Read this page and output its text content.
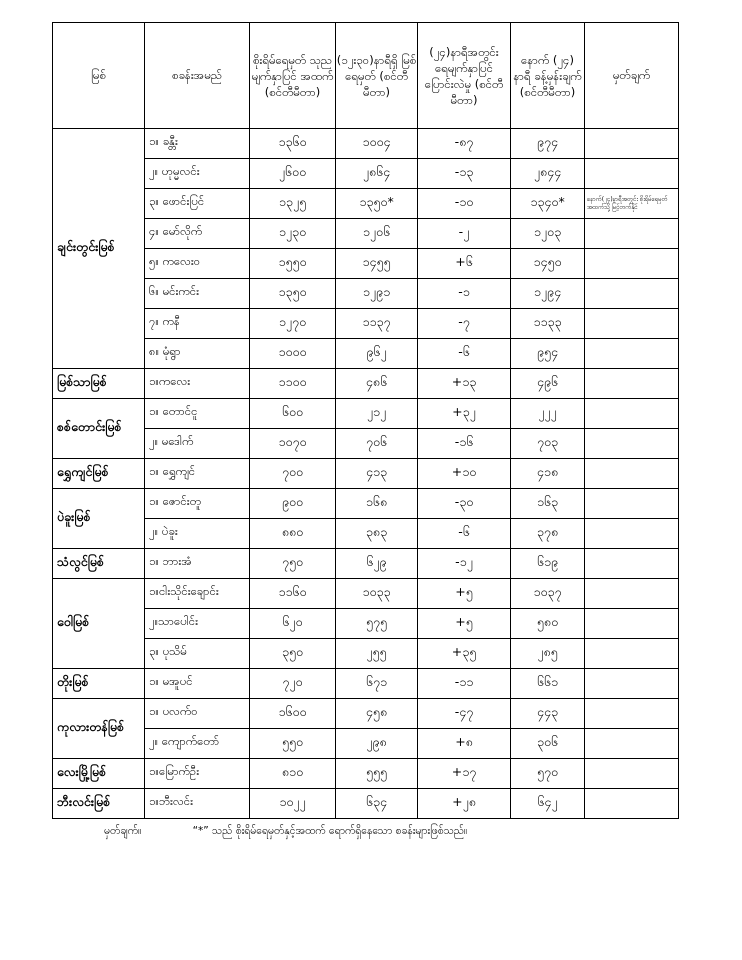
မြစ်	စခန်းအမည်	စိုးရိမ်ရေမှတ် သုညမျက်နှာပြင် အထက် (စင်တီမီတာ)	(၁၂း၃၀)နာရီရှိ မြစ်ရေမှတ် (စင်တီမီတာ)	(၂၄)နာရီအတွင်း ရေမျက်နှာပြင် ပြောင်းလဲမှု (စင်တီမီတာ)	နောက် (၂၄) နာရီ ခန့်မှန်းချက် (စင်တီမီတာ)	မှတ်ချက်
ချင်းတွင်းမြစ်	၁။ ခန္တီး	၁၃၆၀	၁၀၀၄	-၈၇	၉၇၄	
	၂။ ဟုမ္မလင်း	၂၆၀၀	၂၈၆၄	-၁၃	၂၈၄၄	
	၃။ ဖောင်းပြင်	၁၃၂၅	၁၃၅၀*	-၁၀	၁၃၄၀*	နောက်(၂၄)နာရီအတွင်း စိုးရိမ်ရေမှတ် အထက်သို့ မြင့်တက်နိုင်
	၄။ မော်လိုက်	၁၂၃၀	၁၂၀၆	-၂	၁၂၀၃	
	၅။ ကလေးဝ	၁၅၅၀	၁၄၅၅	+၆	၁၄၅၀	
	၆။ မင်းကင်း	၁၃၅၀	၁၂၉၁	-၁	၁၂၉၄	
	၇။ ကနီ	၁၂၇၀	၁၁၃၇	-၇	၁၁၃၃	
	၈။ မုံရွာ	၁၀၀၀	၉၆၂	-၆	၉၅၄	
မြစ်သာမြစ်	၁။ကလေး	၁၁၀၀	၄၈၆	+၁၃	၄၉၆	
စစ်တောင်းမြစ်	၁။ တောင်ငူ	၆၀၀	၂၁၂	+၃၂	၂၂၂	
	၂။ မဒေါက်	၁၀၇၀	၇၀၆	-၁၆	၇၀၃	
ရွှေကျင်မြစ်	၁။ ရွှေကျင်	၇၀၀	၄၁၃	+၁၀	၄၁၈	
ပဲခူးမြစ်	၁။ ဇောင်းတူ	၉၀၀	၁၆၈	-၃၀	၁၆၃	
	၂။ ပဲခူး	၈၈၀	၃၈၃	-၆	၃၇၈	
သံလွင်မြစ်	၁။ ဘားအံ	၇၅၀	၆၂၉	-၁၂	၆၁၉	
ဝေါမြစ်	၁။ငါးသိုင်းချောင်း	၁၁၆၀	၁၀၃၃	+၅	၁၀၃၇	
	၂။သာပေါင်း	၆၂၀	၅၇၅	+၅	၅၈၀	
	၃။ ပုသိမ်	၃၅၀	၂၅၅	+၃၅	၂၈၅	
တိုးမြစ်	၁။ မအူပင်	၇၂၀	၆၇၁	-၁၁	၆၆၁	
ကုလားတန်မြစ်	၁။ ပလက်ဝ	၁၆၀၀	၄၅၈	-၄၇	၄၄၃	
	၂။ ကျောက်တော်	၅၅၀	၂၉၈	+၈	၃၀၆	
လေးမြို့မြစ်	၁။မြောက်ဦး	၈၁၀	၅၅၅	+၁၇	၅၇၀	
ဘီးလင်းမြစ်	၁။ဘီးလင်း	၁၀၂၂	၆၃၄	+၂၈	၆၄၂	
မှတ်ချက်။	“*” သည် စိုးရိမ်ရေမှတ်နှင့်အထက် ရောက်ရှိနေသော စခန်းများဖြစ်သည်။
